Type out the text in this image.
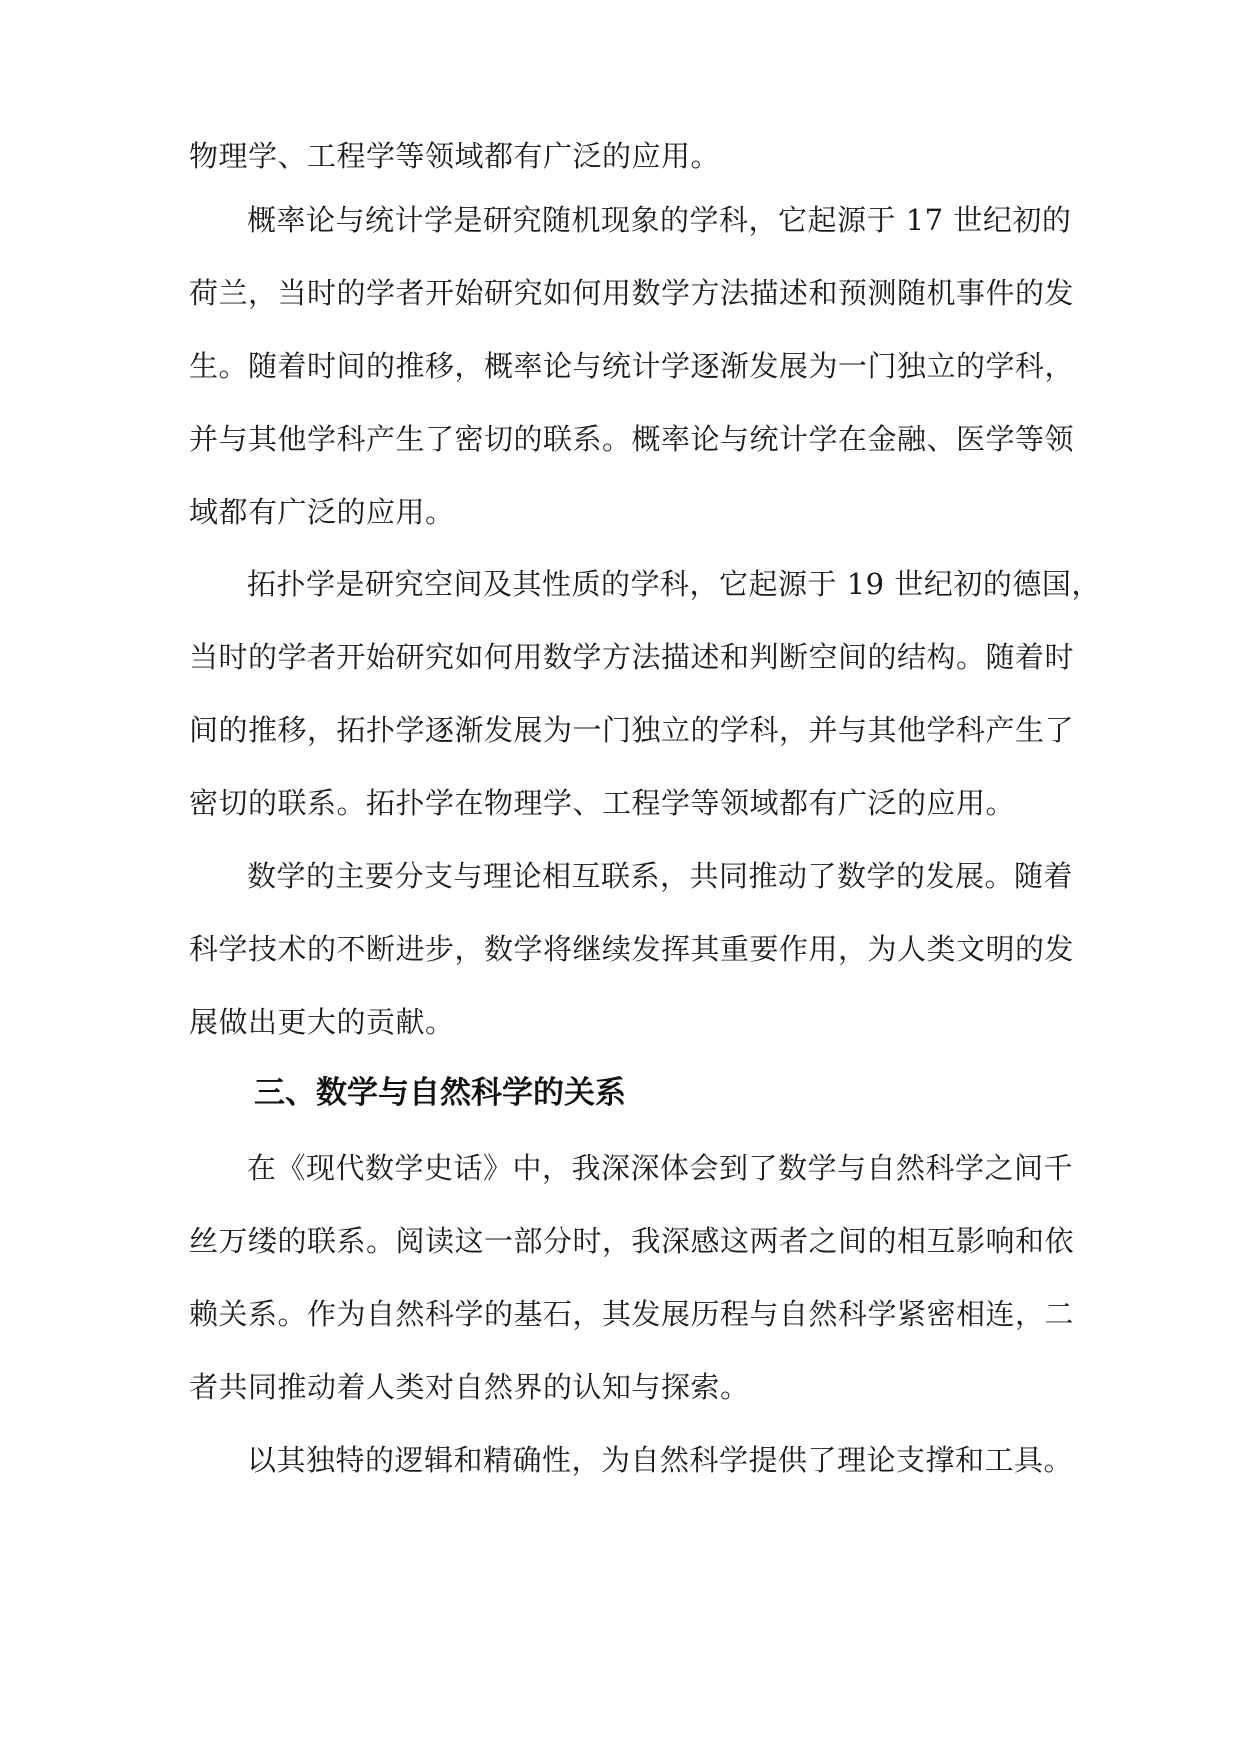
物理学、工程学等领域都有广泛的应用。

概率论与统计学是研究随机现象的学科，它起源于 17 世纪初的
荷兰，当时的学者开始研究如何用数学方法描述和预测随机事件的发
生。随着时间的推移，概率论与统计学逐渐发展为一门独立的学科，
并与其他学科产生了密切的联系。概率论与统计学在金融、医学等领
域都有广泛的应用。

拓扑学是研究空间及其性质的学科，它起源于 19 世纪初的德国，
当时的学者开始研究如何用数学方法描述和判断空间的结构。随着时
间的推移，拓扑学逐渐发展为一门独立的学科，并与其他学科产生了
密切的联系。拓扑学在物理学、工程学等领域都有广泛的应用。

数学的主要分支与理论相互联系，共同推动了数学的发展。随着
科学技术的不断进步，数学将继续发挥其重要作用，为人类文明的发
展做出更大的贡献。

三、数学与自然科学的关系

在《现代数学史话》中，我深深体会到了数学与自然科学之间千
丝万缕的联系。阅读这一部分时，我深感这两者之间的相互影响和依
赖关系。作为自然科学的基石，其发展历程与自然科学紧密相连，二
者共同推动着人类对自然界的认知与探索。

以其独特的逻辑和精确性，为自然科学提供了理论支撑和工具。
